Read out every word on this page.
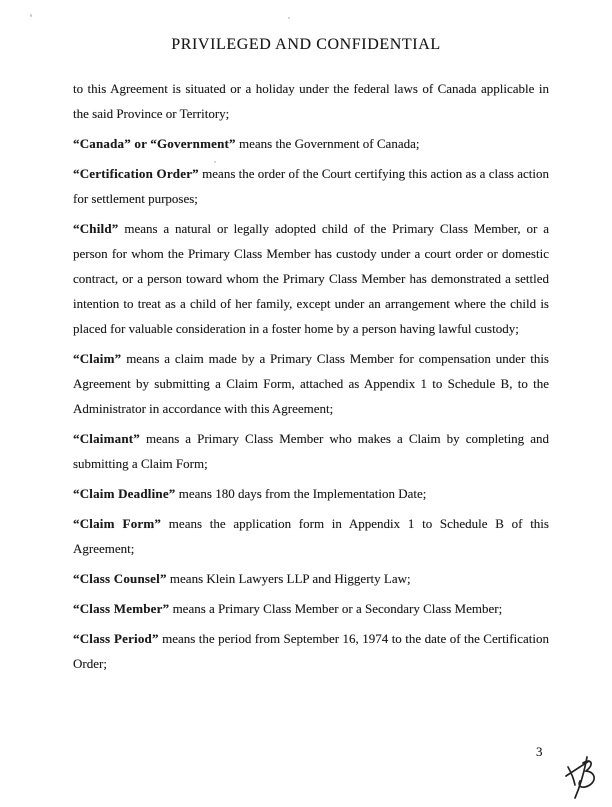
PRIVILEGED AND CONFIDENTIAL

to this Agreement is situated or a holiday under the federal laws of Canada applicable in the said Province or Territory;

“Canada” or “Government” means the Government of Canada;

“Certification Order” means the order of the Court certifying this action as a class action for settlement purposes;

“Child” means a natural or legally adopted child of the Primary Class Member, or a person for whom the Primary Class Member has custody under a court order or domestic contract, or a person toward whom the Primary Class Member has demonstrated a settled intention to treat as a child of her family, except under an arrangement where the child is placed for valuable consideration in a foster home by a person having lawful custody;

“Claim” means a claim made by a Primary Class Member for compensation under this Agreement by submitting a Claim Form, attached as Appendix 1 to Schedule B, to the Administrator in accordance with this Agreement;

“Claimant” means a Primary Class Member who makes a Claim by completing and submitting a Claim Form;

“Claim Deadline” means 180 days from the Implementation Date;

“Claim Form” means the application form in Appendix 1 to Schedule B of this Agreement;

“Class Counsel” means Klein Lawyers LLP and Higgerty Law;

“Class Member” means a Primary Class Member or a Secondary Class Member;

“Class Period” means the period from September 16, 1974 to the date of the Certification Order;

3
